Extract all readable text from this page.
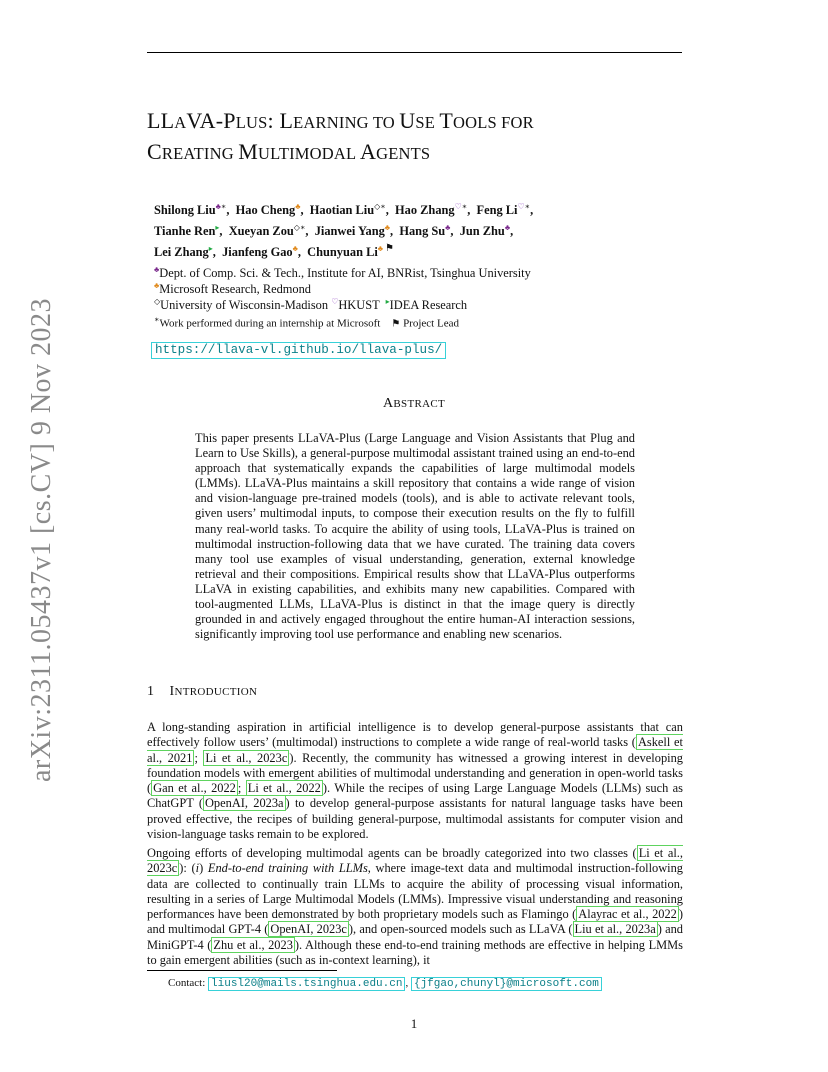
arXiv:2311.05437v1 [cs.CV] 9 Nov 2023
LLAVA-PLUS: LEARNING TO USE TOOLS FOR
CREATING MULTIMODAL AGENTS
Shilong Liu♣∗,  Hao Cheng♣,  Haotian Liu◇∗,  Hao Zhang♡∗,  Feng Li♡∗,
Tianhe Ren▸,  Xueyan Zou◇∗,  Jianwei Yang♣,  Hang Su♣,  Jun Zhu♣,
Lei Zhang▸,  Jianfeng Gao♣,  Chunyuan Li♣ ⚑
♣Dept. of Comp. Sci. & Tech., Institute for AI, BNRist, Tsinghua University
♣Microsoft Research, Redmond
◇University of Wisconsin-Madison ♡HKUST ▸IDEA Research
∗Work performed during an internship at Microsoft ⚑ Project Lead
https://llava-vl.github.io/llava-plus/
ABSTRACT
This paper presents LLaVA-Plus (Large Language and Vision Assistants that Plug and Learn to Use Skills), a general-purpose multimodal assistant trained using an end-to-end approach that systematically expands the capabilities of large multimodal models (LMMs). LLaVA-Plus maintains a skill repository that contains a wide range of vision and vision-language pre-trained models (tools), and is able to activate relevant tools, given users’ multimodal inputs, to compose their execution results on the fly to fulfill many real-world tasks. To acquire the ability of using tools, LLaVA-Plus is trained on multimodal instruction-following data that we have curated. The training data covers many tool use examples of visual understanding, generation, external knowledge retrieval and their compositions. Empirical results show that LLaVA-Plus outperforms LLaVA in existing capabilities, and exhibits many new capabilities. Compared with tool-augmented LLMs, LLaVA-Plus is distinct in that the image query is directly grounded in and actively engaged throughout the entire human-AI interaction sessions, significantly improving tool use performance and enabling new scenarios.
1 INTRODUCTION
A long-standing aspiration in artificial intelligence is to develop general-purpose assistants that can effectively follow users’ (multimodal) instructions to complete a wide range of real-world tasks ( Askell et al., 2021 ; Li et al., 2023c ). Recently, the community has witnessed a growing interest in developing foundation models with emergent abilities of multimodal understanding and generation in open-world tasks ( Gan et al., 2022 ; Li et al., 2022 ). While the recipes of using Large Language Models (LLMs) such as ChatGPT ( OpenAI, 2023a ) to develop general-purpose assistants for natural language tasks have been proved effective, the recipes of building general-purpose, multimodal assistants for computer vision and vision-language tasks remain to be explored.
Ongoing efforts of developing multimodal agents can be broadly categorized into two classes ( Li et al., 2023c ): (i) End-to-end training with LLMs, where image-text data and multimodal instruction-following data are collected to continually train LLMs to acquire the ability of processing visual information, resulting in a series of Large Multimodal Models (LMMs). Impressive visual understanding and reasoning performances have been demonstrated by both proprietary models such as Flamingo ( Alayrac et al., 2022 ) and multimodal GPT-4 ( OpenAI, 2023c ), and open-sourced models such as LLaVA ( Liu et al., 2023a ) and MiniGPT-4 ( Zhu et al., 2023 ). Although these end-to-end training methods are effective in helping LMMs to gain emergent abilities (such as in-context learning), it
Contact: liusl20@mails.tsinghua.edu.cn , {jfgao,chunyl}@microsoft.com
1
